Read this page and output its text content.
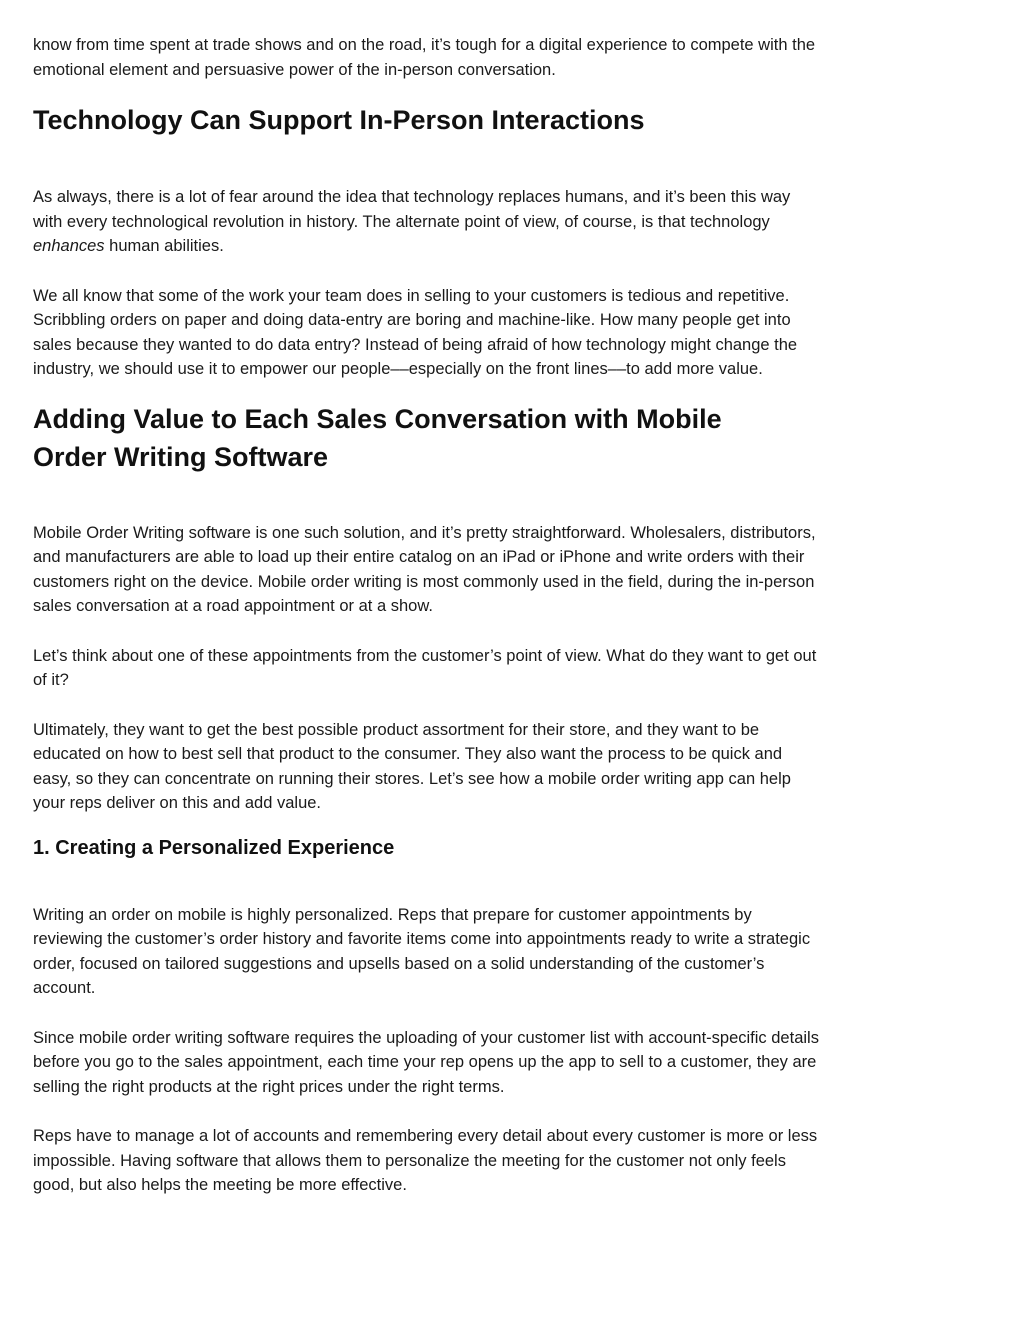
know from time spent at trade shows and on the road, it’s tough for a digital experience to compete with the emotional element and persuasive power of the in-person conversation.

Technology Can Support In-Person Interactions

As always, there is a lot of fear around the idea that technology replaces humans, and it’s been this way with every technological revolution in history. The alternate point of view, of course, is that technology enhances human abilities.

We all know that some of the work your team does in selling to your customers is tedious and repetitive. Scribbling orders on paper and doing data-entry are boring and machine-like. How many people get into sales because they wanted to do data entry? Instead of being afraid of how technology might change the industry, we should use it to empower our people––especially on the front lines––to add more value.

Adding Value to Each Sales Conversation with Mobile
Order Writing Software

Mobile Order Writing software is one such solution, and it’s pretty straightforward. Wholesalers, distributors, and manufacturers are able to load up their entire catalog on an iPad or iPhone and write orders with their customers right on the device. Mobile order writing is most commonly used in the field, during the in-person sales conversation at a road appointment or at a show.

Let’s think about one of these appointments from the customer’s point of view. What do they want to get out of it?

Ultimately, they want to get the best possible product assortment for their store, and they want to be educated on how to best sell that product to the consumer. They also want the process to be quick and easy, so they can concentrate on running their stores. Let’s see how a mobile order writing app can help your reps deliver on this and add value.

1. Creating a Personalized Experience

Writing an order on mobile is highly personalized. Reps that prepare for customer appointments by reviewing the customer’s order history and favorite items come into appointments ready to write a strategic order, focused on tailored suggestions and upsells based on a solid understanding of the customer’s account.

Since mobile order writing software requires the uploading of your customer list with account-specific details before you go to the sales appointment, each time your rep opens up the app to sell to a customer, they are selling the right products at the right prices under the right terms.

Reps have to manage a lot of accounts and remembering every detail about every customer is more or less impossible. Having software that allows them to personalize the meeting for the customer not only feels good, but also helps the meeting be more effective.
